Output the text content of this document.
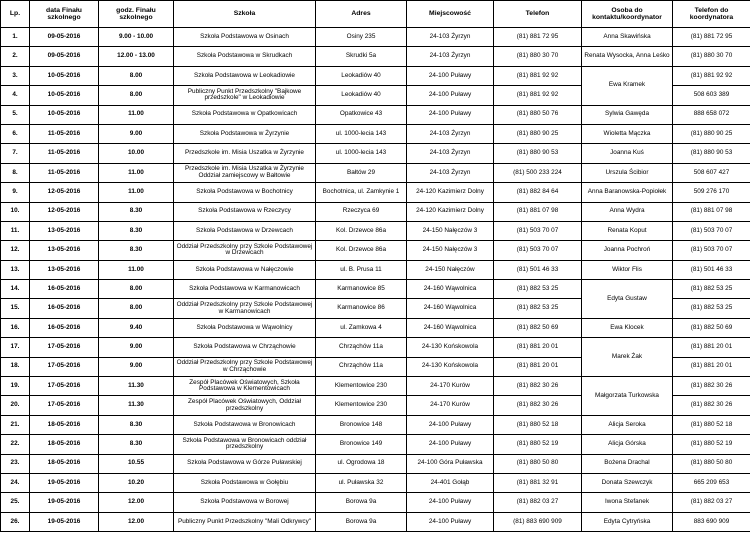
Lp.	data Finału szkolnego	godz. Finału szkolnego	Szkoła	Adres	Miejscowość	Telefon	Osoba do kontaktu/koordynator	Telefon do koordynatora
1.	09-05-2016	9.00 - 10.00	Szkoła Podstawowa w Osinach	Osiny 235	24-103 Żyrzyn	(81) 881 72 95	Anna Skawińska	(81) 881 72 95
2.	09-05-2016	12.00 - 13.00	Szkoła Podstawowa w Skrudkach	Skrudki 5a	24-103 Żyrzyn	(81) 880 30 70	Renata Wysocka, Anna Leśko	(81) 880 30 70
3.	10-05-2016	8.00	Szkoła Podstawowa w Leokadiowie	Leokadiów 40	24-100 Puławy	(81) 881 92 92	Ewa Kramek	(81) 881 92 92
4.	10-05-2016	8.00	Publiczny Punkt Przedszkolny "Bajkowe przedszkole" w Leokadiowie	Leokadiów 40	24-100 Puławy	(81) 881 92 92		508 603 389
5.	10-05-2016	11.00	Szkoła Podstawowa w Opatkowicach	Opatkowice 43	24-100 Puławy	(81) 880 50 76	Sylwia Gawęda	888 658 072
6.	11-05-2016	9.00	Szkoła Podstawowa w Żyrzynie	ul. 1000-lecia 143	24-103 Żyrzyn	(81) 880 90 25	Wioletta Mączka	(81) 880 90 25
7.	11-05-2016	10.00	Przedszkole im. Misia Uszatka w Żyrzynie	ul. 1000-lecia 143	24-103 Żyrzyn	(81) 880 90 53	Joanna Kuś	(81) 880 90 53
8.	11-05-2016	11.00	Przedszkole im. Misia Uszatka w Żyrzynie Oddział zamiejscowy w Bałtowie	Bałtów 29	24-103 Żyrzyn	(81) 500 233 224	Urszula Ścibior	508 607 427
9.	12-05-2016	11.00	Szkoła Podstawowa w Bochotnicy	Bochotnica, ul. Zamkynie 1	24-120 Kazimierz Dolny	(81) 882 84 64	Anna Baranowska-Popiołek	509 276 170
10.	12-05-2016	8.30	Szkoła Podstawowa w Rzeczycy	Rzeczyca 69	24-120 Kazimierz Dolny	(81) 881 07 98	Anna Wydra	(81) 881 07 98
11.	13-05-2016	8.30	Szkoła Podstawowa w Drzewcach	Kol. Drzewce 86a	24-150 Nałęczów 3	(81) 503 70 07	Renata Koput	(81) 503 70 07
12.	13-05-2016	8.30	Oddział Przedszkolny przy Szkole Podstawowej w Drzewcach	Kol. Drzewce 86a	24-150 Nałęczów 3	(81) 503 70 07	Joanna Pochroń	(81) 503 70 07
13.	13-05-2016	11.00	Szkoła Podstawowa w Nałęczowie	ul. B. Prusa 11	24-150 Nałęczów	(81) 501 46 33	Wiktor Flis	(81) 501 46 33
14.	16-05-2016	8.00	Szkoła Podstawowa w Karmanowicach	Karmanowice 85	24-160 Wąwolnica	(81) 882 53 25	Edyta Gustaw	(81) 882 53 25
15.	16-05-2016	8.00	Oddział Przedszkolny przy Szkole Podstawowej w Karmanowicach	Karmanowice 86	24-160 Wąwolnica	(81) 882 53 25		(81) 882 53 25
16.	16-05-2016	9.40	Szkoła Podstawowa w Wąwolnicy	ul. Zamkowa 4	24-160 Wąwolnica	(81) 882 50 69	Ewa Klocek	(81) 882 50 69
17.	17-05-2016	9.00	Szkoła Podstawowa w Chrząchowie	Chrząchów 11a	24-130 Końskowola	(81) 881 20 01	Marek Żak	(81) 881 20 01
18.	17-05-2016	9.00	Oddział Przedszkolny przy Szkole Podstawowej w Chrząchowie	Chrząchów 11a	24-130 Końskowola	(81) 881 20 01		(81) 881 20 01
19.	17-05-2016	11.30	Zespół Placówek Oświatowych, Szkoła Podstawowa w Klementowicach	Klementowice 230	24-170 Kurów	(81) 882 30 26	Małgorzata Turkowska	(81) 882 30 26
20.	17-05-2016	11.30	Zespół Placówek Oświatowych, Oddział przedszkolny	Klementowice 230	24-170 Kurów	(81) 882 30 26		(81) 882 30 26
21.	18-05-2016	8.30	Szkoła Podstawowa w Bronowicach	Bronowice 148	24-100 Puławy	(81) 880 52 18	Alicja Seroka	(81) 880 52 18
22.	18-05-2016	8.30	Szkoła Podstawowa w Bronowicach oddział przedszkolny	Bronowice 149	24-100 Puławy	(81) 880 52 19	Alicja Górska	(81) 880 52 19
23.	18-05-2016	10.55	Szkoła Podstawowa w Górze Puławskiej	ul. Ogrodowa 18	24-100 Góra Puławska	(81) 880 50 80	Bożena Drachal	(81) 880 50 80
24.	19-05-2016	10.20	Szkoła Podstawowa w Gołębiu	ul. Puławska 32	24-401 Gołąb	(81) 881 32 91	Donata Szewczyk	665 209 653
25.	19-05-2016	12.00	Szkoła Podstawowa w Borowej	Borowa 9a	24-100 Puławy	(81) 882 03 27	Iwona Stefanek	(81) 882 03 27
26.	19-05-2016	12.00	Publiczny Punkt Przedszkolny "Mali Odkrywcy"	Borowa 9a	24-100 Puławy	(81) 883 690 909	Edyta Cytryńska	883 690 909
